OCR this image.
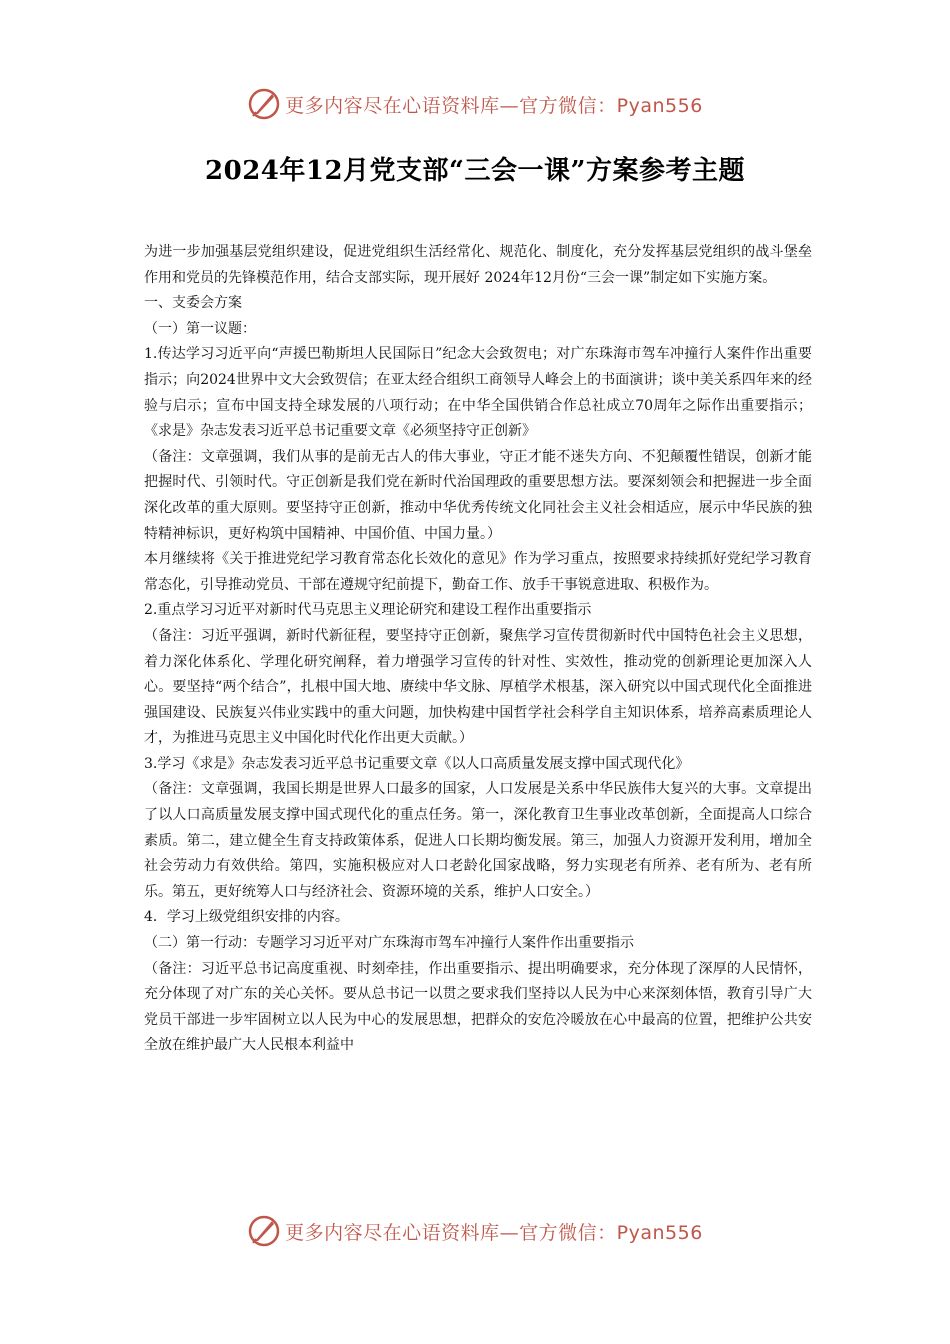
更多内容尽在心语资料库—官方微信：Pyan556
2024年12月党支部“三会一课”方案参考主题

为进一步加强基层党组织建设，促进党组织生活经常化、规范化、制度化，充分发挥基层党组织的战斗堡垒作用和党员的先锋模范作用，结合支部实际，现开展好 2024年12月份“三会一课”制定如下实施方案。

一、支委会方案

（一）第一议题：

1.传达学习习近平向“声援巴勒斯坦人民国际日”纪念大会致贺电；对广东珠海市驾车冲撞行人案件作出重要指示；向2024世界中文大会致贺信；在亚太经合组织工商领导人峰会上的书面演讲；谈中美关系四年来的经验与启示；宣布中国支持全球发展的八项行动；在中华全国供销合作总社成立70周年之际作出重要指示；《求是》杂志发表习近平总书记重要文章《必须坚持守正创新》

（备注：文章强调，我们从事的是前无古人的伟大事业，守正才能不迷失方向、不犯颠覆性错误，创新才能把握时代、引领时代。守正创新是我们党在新时代治国理政的重要思想方法。要深刻领会和把握进一步全面深化改革的重大原则。要坚持守正创新，推动中华优秀传统文化同社会主义社会相适应，展示中华民族的独特精神标识，更好构筑中国精神、中国价值、中国力量。）

本月继续将《关于推进党纪学习教育常态化长效化的意见》作为学习重点，按照要求持续抓好党纪学习教育常态化，引导推动党员、干部在遵规守纪前提下，勤奋工作、放手干事锐意进取、积极作为。

2.重点学习习近平对新时代马克思主义理论研究和建设工程作出重要指示

（备注：习近平强调，新时代新征程，要坚持守正创新，聚焦学习宣传贯彻新时代中国特色社会主义思想，着力深化体系化、学理化研究阐释，着力增强学习宣传的针对性、实效性，推动党的创新理论更加深入人心。要坚持“两个结合”，扎根中国大地、赓续中华文脉、厚植学术根基，深入研究以中国式现代化全面推进强国建设、民族复兴伟业实践中的重大问题，加快构建中国哲学社会科学自主知识体系，培养高素质理论人才，为推进马克思主义中国化时代化作出更大贡献。）

3.学习《求是》杂志发表习近平总书记重要文章《以人口高质量发展支撑中国式现代化》

（备注：文章强调，我国长期是世界人口最多的国家，人口发展是关系中华民族伟大复兴的大事。文章提出了以人口高质量发展支撑中国式现代化的重点任务。第一，深化教育卫生事业改革创新，全面提高人口综合素质。第二，建立健全生育支持政策体系，促进人口长期均衡发展。第三，加强人力资源开发利用，增加全社会劳动力有效供给。第四，实施积极应对人口老龄化国家战略，努力实现老有所养、老有所为、老有所乐。第五，更好统筹人口与经济社会、资源环境的关系，维护人口安全。）

4．学习上级党组织安排的内容。

（二）第一行动：专题学习习近平对广东珠海市驾车冲撞行人案件作出重要指示

（备注：习近平总书记高度重视、时刻牵挂，作出重要指示、提出明确要求，充分体现了深厚的人民情怀，充分体现了对广东的关心关怀。要从总书记一以贯之要求我们坚持以人民为中心来深刻体悟，教育引导广大党员干部进一步牢固树立以人民为中心的发展思想，把群众的安危冷暖放在心中最高的位置，把维护公共安全放在维护最广大人民根本利益中

更多内容尽在心语资料库—官方微信：Pyan556
